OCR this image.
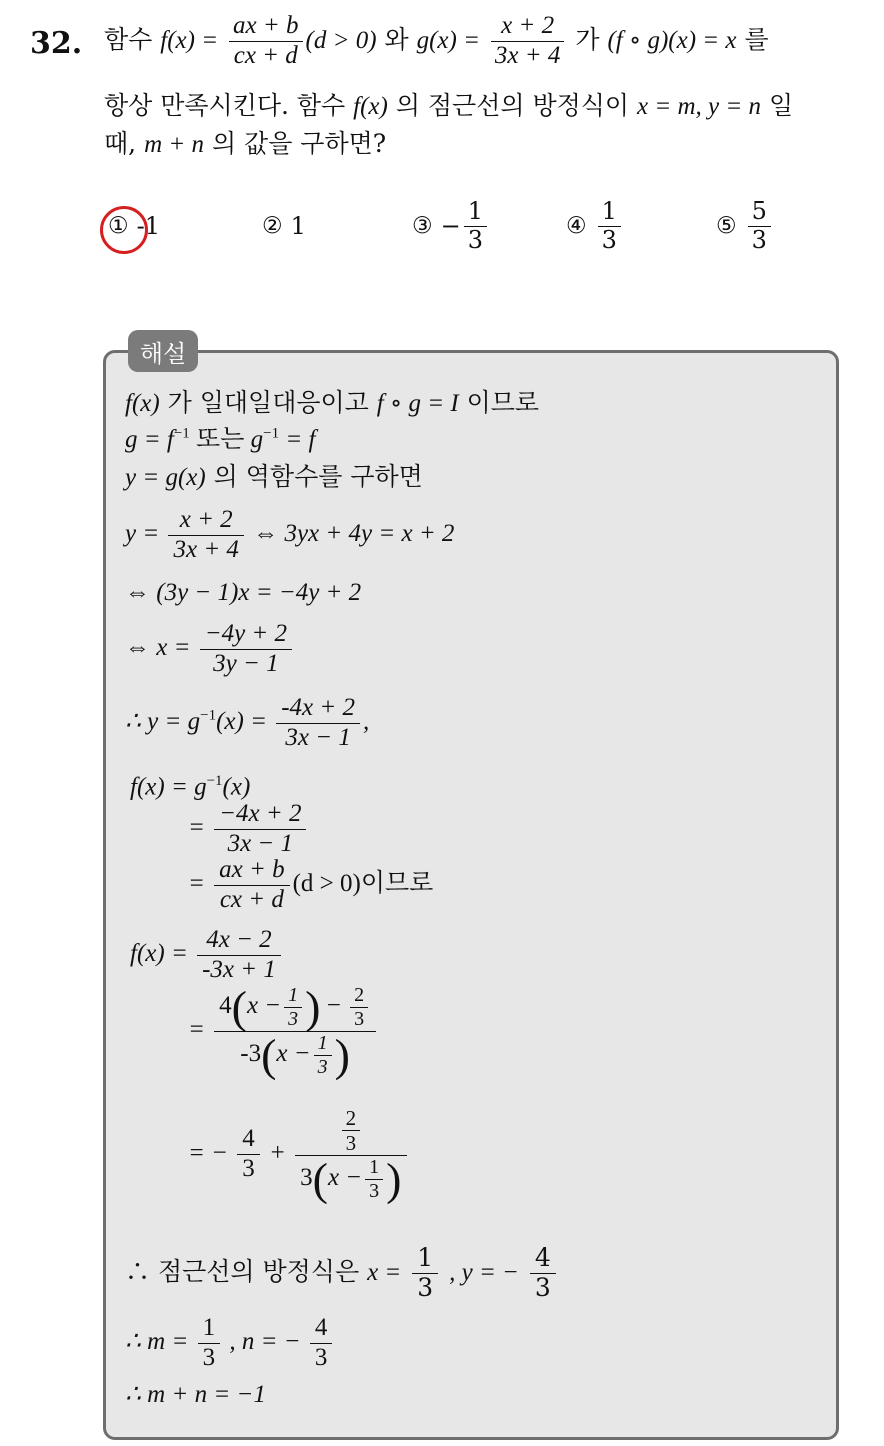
32. 함수 $f(x) = \frac{ax + b}{cx + d} (d > 0)$ 와 $g(x) = \frac{x + 2}{3x + 4}$ 가 (f ∘ g)(x) = x 를
항상 만족시킨다. 함수 f(x) 의 점근선의 방정식이 x = m, y = n 일
때, m + n 의 값을 구하면?
① -1	② 1	③ − $\frac{1}{3}$	④ $\frac{1}{3}$	⑤ $\frac{5}{3}$
해설
f(x) 가 일대일대응이고 f ∘ g = I 이므로
$g = f^{-1}$ 또는 $g^{-1} = f$
y = g(x) 의 역함수를 구하면
$y = \frac{x + 2}{3x + 4}$ ⇔ 3yx + 4y = x + 2
⇔ (3y − 1)x = −4y + 2
⇔ $x = \frac{-4y + 2}{3y - 1}$
∴ $y = g^{-1}(x) = \frac{-4x + 2}{3x - 1}$ ,
$f(x) = g^{-1}(x)$
= $\frac{-4x + 2}{3x - 1}$
= $\frac{ax + b}{cx + d} (d > 0)$이므로
$f(x) = \frac{4x - 2}{-3x + 1}$
= $\frac{4(x - \frac{1}{3} ) - \frac{2}{3}}{-3(x - \frac{1}{3} )}$
= − $\frac{4}{3} + \frac{\frac{2}{3}}{3(x - \frac{1}{3} )}$
∴ 점근선의 방정식은 $x = \frac{1}{3}$ , y = − $\frac{4}{3}$
∴ $m = \frac{1}{3}$ , n = − $\frac{4}{3}$
∴ m + n = −1
